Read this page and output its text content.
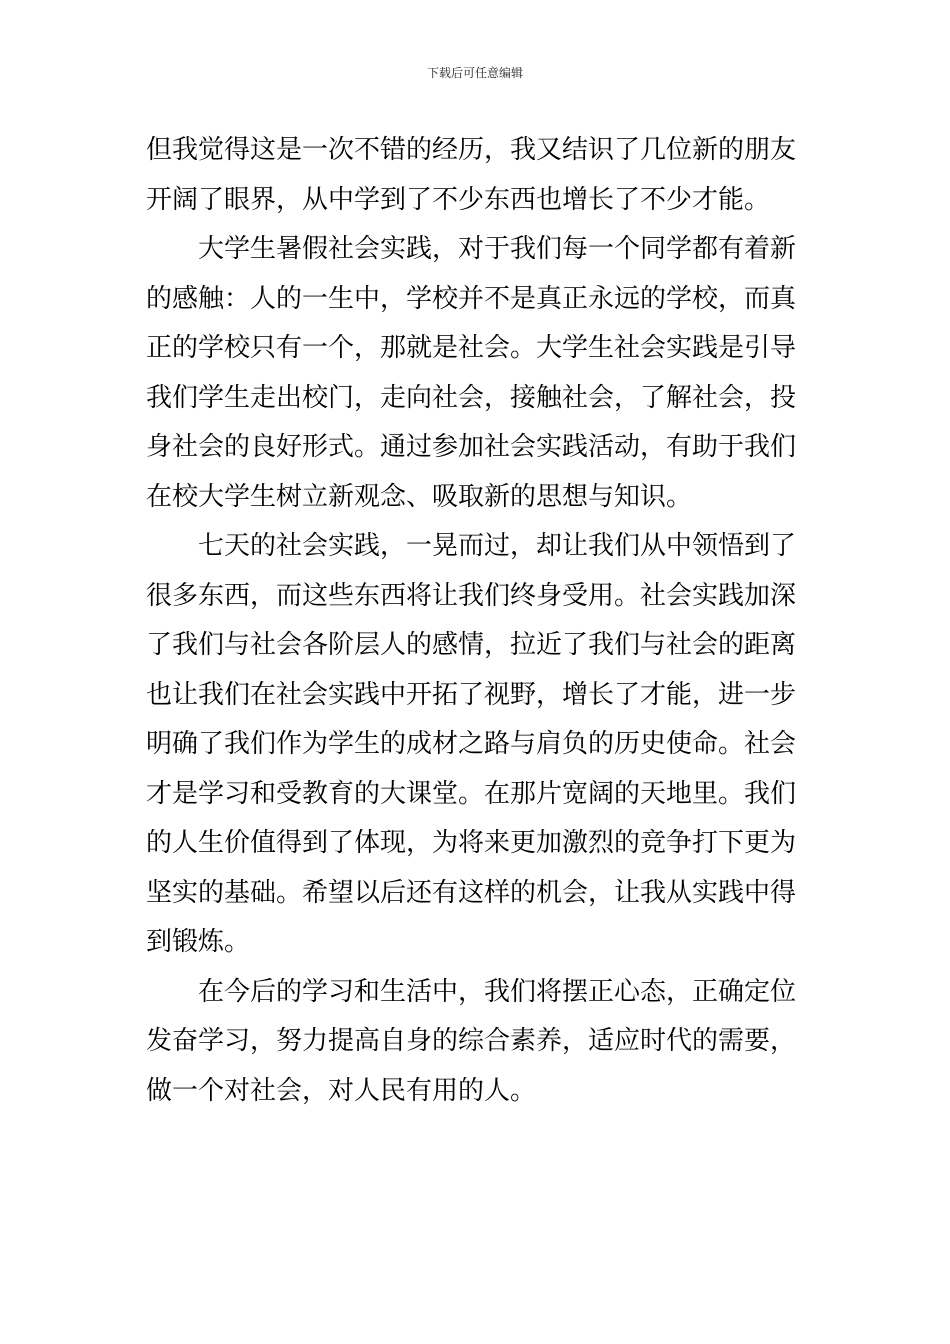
下载后可任意编辑
但我觉得这是一次不错的经历，我又结识了几位新的朋友
开阔了眼界，从中学到了不少东西也增长了不少才能。
　　大学生暑假社会实践，对于我们每一个同学都有着新
的感触：人的一生中，学校并不是真正永远的学校，而真
正的学校只有一个，那就是社会。大学生社会实践是引导
我们学生走出校门，走向社会，接触社会，了解社会，投
身社会的良好形式。通过参加社会实践活动，有助于我们
在校大学生树立新观念、吸取新的思想与知识。
　　七天的社会实践，一晃而过，却让我们从中领悟到了
很多东西，而这些东西将让我们终身受用。社会实践加深
了我们与社会各阶层人的感情，拉近了我们与社会的距离
也让我们在社会实践中开拓了视野，增长了才能，进一步
明确了我们作为学生的成材之路与肩负的历史使命。社会
才是学习和受教育的大课堂。在那片宽阔的天地里。我们
的人生价值得到了体现，为将来更加激烈的竞争打下更为
坚实的基础。希望以后还有这样的机会，让我从实践中得
到锻炼。
　　在今后的学习和生活中，我们将摆正心态，正确定位
发奋学习，努力提高自身的综合素养，适应时代的需要，
做一个对社会，对人民有用的人。
